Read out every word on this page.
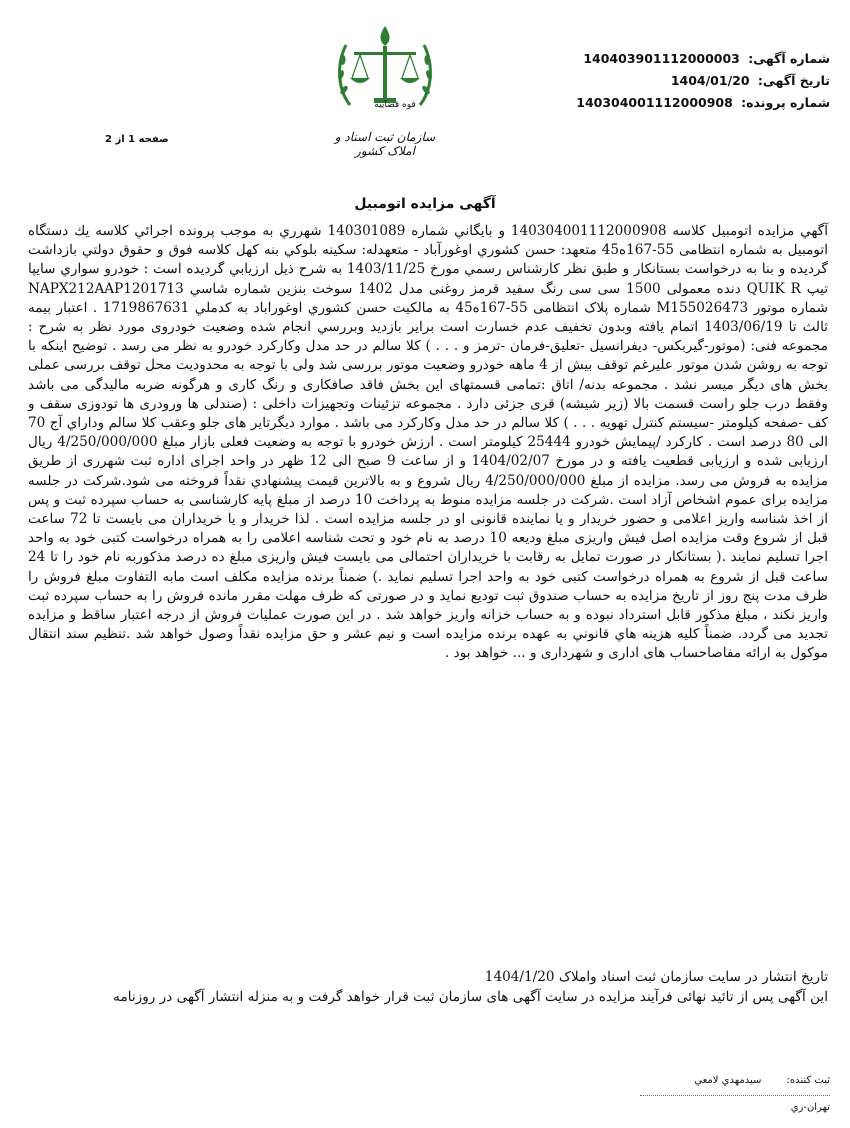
شماره آگهی: 140403901112000003
تاریخ آگهی: 1404/01/20
شماره پرونده: 140304001112000908
قوه قضاییه
سازمان ثبت اسناد و املاک کشور
صفحه 1 از 2
آگهی مزایده اتومبیل

آگهي مزايده اتومبيل كلاسه 140304001112000908 و بايگاني شماره 140301089 شهرري به موجب پرونده اجرائي كلاسه يك دستگاه اتومبيل به شماره انتظامی 55-167ه45 متعهد: حسن كشوري اوغورآباد - متعهدله: سكينه بلوكي بنه كهل كلاسه فوق و حقوق دولتي بازداشت گرديده و بنا به درخواست بستانكار و طبق نظر كارشناس رسمي مورخ 1403/11/25 به شرح ذيل ارزيابي گرديده است : خودرو سواري سايپا تيپ QUIK R دنده معمولی 1500 سی سی رنگ سفيد قرمز روغنی مدل 1402 سوخت بنزين شماره شاسي NAPX212AAP1201713 شماره موتور M155026473 شماره پلاک انتظامی 55-167ه45 به مالكيت حسن كشوري اوغوراباد به كدملي 1719867631 . اعتبار بيمه ثالث تا 1403/06/19 اتمام يافته وبدون تخفيف عدم خسارت است براير بازديد وبررسي انجام شده وضعيت خودروی مورد نظر به شرح : مجموعه فنی: (موتور-گيربكس- ديفرانسيل -تعليق-فرمان -ترمز و . . . ) كلا سالم در حد مدل وكاركرد خودرو به نظر می رسد . توضيح اينكه با توجه به روشن شدن موتور عليرغم توقف بيش از 4 ماهه خودرو وضعيت موتور بررسی شد ولی با توجه به محدوديت محل توقف بررسی عملی بخش های ديگر ميسر نشد . مجموعه بدنه/ اتاق :تمامی قسمتهای اين بخش فاقد صافكاری و رنگ كاری و هرگونه ضربه ماليدگی می باشد وفقط درب جلو راست قسمت بالا (زير شيشه) قری جزئی دارد . مجموعه تزئينات وتجهيزات داخلی : (صندلی ها ورودری ها تودوزی سقف و كف -صفحه كيلومتر -سيستم كنترل تهويه . . . ) كلا سالم در حد مدل وكاركرد می باشد . موارد ديگرتاير های جلو وعقب كلا سالم وداراي آج 70 الی 80 درصد است . كاركرد /پيمايش خودرو 25444 كيلومتر است . ارزش خودرو با توجه به وضعيت فعلی بازار مبلغ 4/250/000/000 ريال ارزيابی شده و ارزيابی قطعيت يافته و در مورخ 1404/02/07 و از ساعت 9 صبح الی 12 ظهر در واحد اجرای اداره ثبت شهرری از طريق مزايده به فروش می رسد. مزايده از مبلغ 4/250/000/000 ريال شروع و به بالاترين قيمت پيشنهادي نقداً فروخته می شود.شركت در جلسه مزايده برای عموم اشخاص آزاد است .شركت در جلسه مزايده منوط به پرداخت 10 درصد از مبلغ پايه كارشناسی به حساب سپرده ثبت و پس از اخذ شناسه واريز اعلامی و حضور خريدار و يا نماينده قانونی او در جلسه مزايده است . لذا خريدار و يا خريداران می بايست تا 72 ساعت قبل از شروع وقت مزايده اصل فيش واريزی مبلغ وديعه 10 درصد به نام خود و تحت شناسه اعلامی را به همراه درخواست كتبی خود به واحد اجرا تسليم نمايند .( بستانكار در صورت تمايل به رقابت با خريداران احتمالی می بايست فيش واريزی مبلغ ده درصد مذكوربه نام خود را تا 24 ساعت قبل از شروع به همراه درخواست كتبی خود به واحد اجرا تسليم نمايد .) ضمناً برنده مزايده مكلف است مابه التفاوت مبلغ فروش را ظرف مدت پنج روز از تاريخ مزايده به حساب صندوق ثبت توديع نمايد و در صورتی كه ظرف مهلت مقرر مانده فروش را به حساب سپرده ثبت واريز نكند ، مبلغ مذكور قابل استرداد نبوده و به حساب خزانه واريز خواهد شد . در اين صورت عمليات فروش از درجه اعتبار ساقط و مزايده تجديد می گردد. ضمناً كليه هزينه هاي قانوني به عهده برنده مزايده است و نيم عشر و حق مزايده نقداً وصول خواهد شد .تنظيم سند انتقال موكول به ارائه مفاصاحساب های اداری و شهرداری و ... خواهد بود .

تاریخ انتشار در سایت سازمان ثبت اسناد واملاک 1404/1/20
این آگهی پس از تائید نهائی فرآیند مزایده در سایت آگهی های سازمان ثبت قرار خواهد گرفت و به منزله انتشار آگهی در روزنامه
ثبت کننده: سیدمهدي لامعي
تهران-ري
